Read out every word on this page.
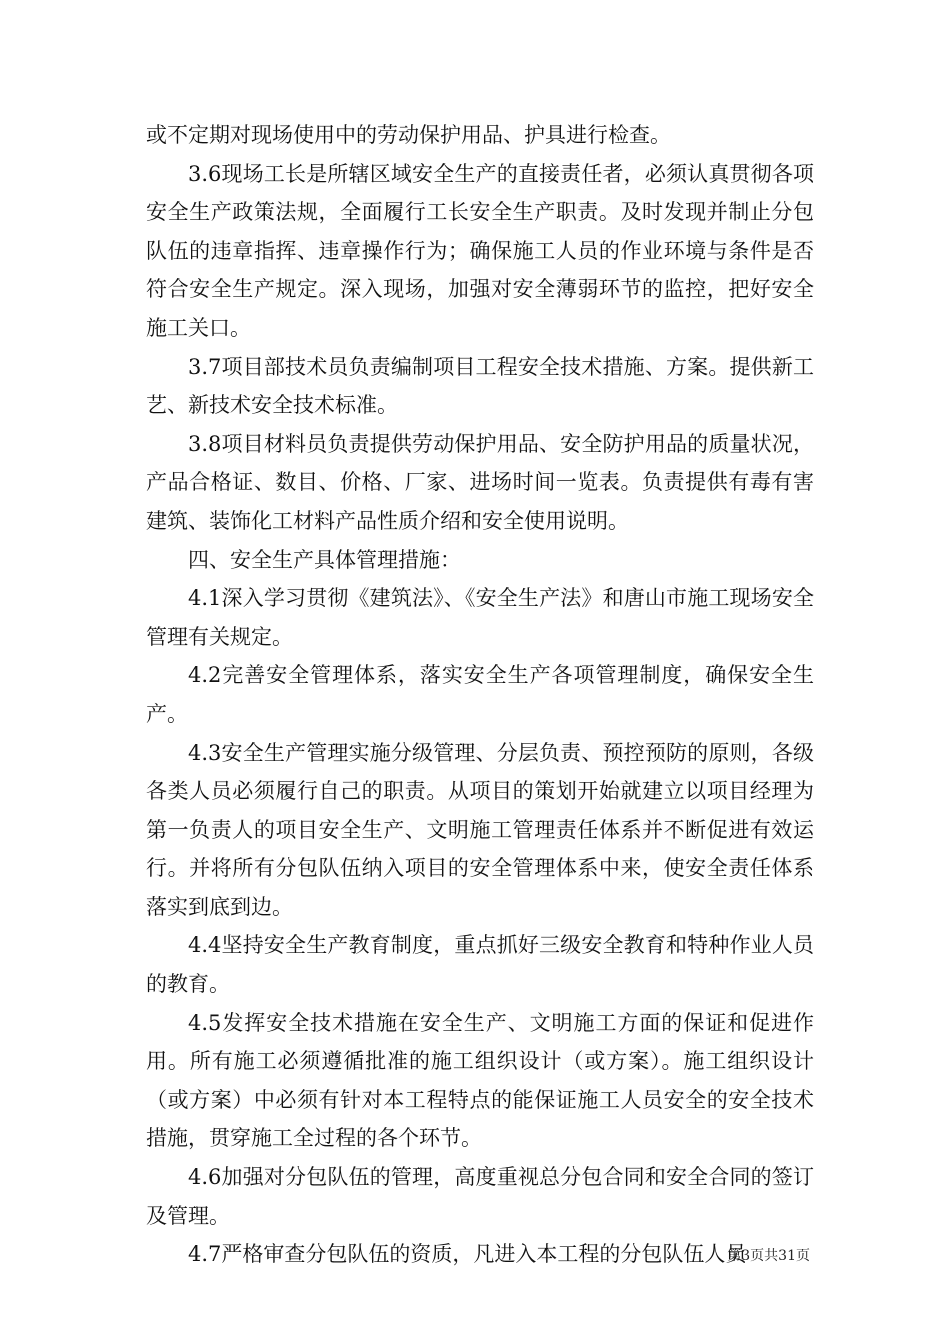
或不定期对现场使用中的劳动保护用品、护具进行检查。

3.6现场工长是所辖区域安全生产的直接责任者，必须认真贯彻各项安全生产政策法规，全面履行工长安全生产职责。及时发现并制止分包队伍的违章指挥、违章操作行为；确保施工人员的作业环境与条件是否符合安全生产规定。深入现场，加强对安全薄弱环节的监控，把好安全施工关口。

3.7项目部技术员负责编制项目工程安全技术措施、方案。提供新工艺、新技术安全技术标准。

3.8项目材料员负责提供劳动保护用品、安全防护用品的质量状况，产品合格证、数目、价格、厂家、进场时间一览表。负责提供有毒有害建筑、装饰化工材料产品性质介绍和安全使用说明。

四、安全生产具体管理措施：

4.1深入学习贯彻《建筑法》、《安全生产法》和唐山市施工现场安全管理有关规定。

4.2完善安全管理体系，落实安全生产各项管理制度，确保安全生产。

4.3安全生产管理实施分级管理、分层负责、预控预防的原则，各级各类人员必须履行自己的职责。从项目的策划开始就建立以项目经理为第一负责人的项目安全生产、文明施工管理责任体系并不断促进有效运行。并将所有分包队伍纳入项目的安全管理体系中来，使安全责任体系落实到底到边。

4.4坚持安全生产教育制度，重点抓好三级安全教育和特种作业人员的教育。

4.5发挥安全技术措施在安全生产、文明施工方面的保证和促进作用。所有施工必须遵循批准的施工组织设计（或方案）。施工组织设计（或方案）中必须有针对本工程特点的能保证施工人员安全的安全技术措施，贯穿施工全过程的各个环节。

4.6加强对分包队伍的管理，高度重视总分包合同和安全合同的签订及管理。

4.7严格审查分包队伍的资质，凡进入本工程的分包队伍人员

第3页共31页
